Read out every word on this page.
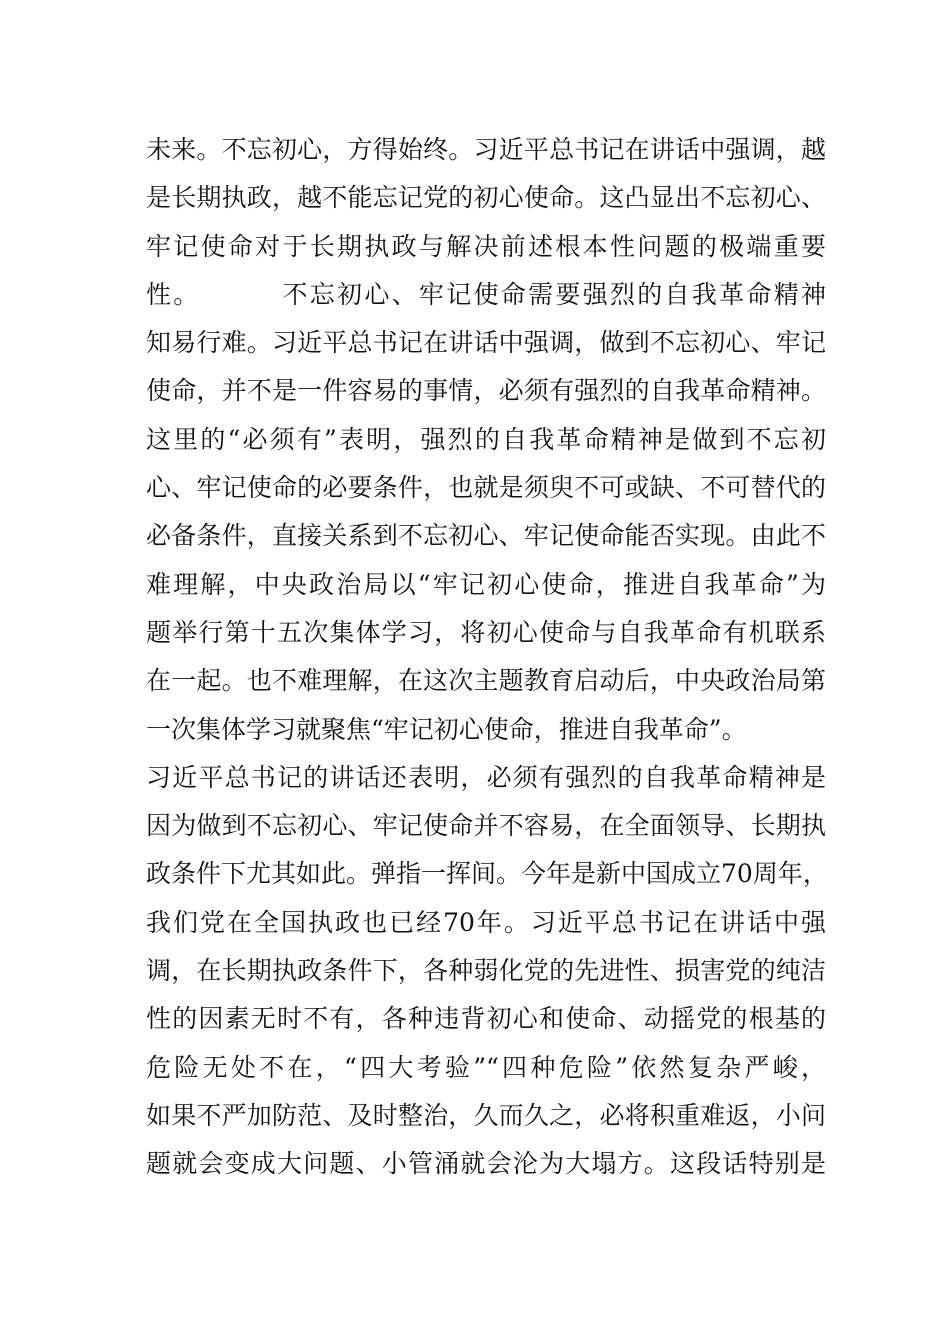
未来。不忘初心，方得始终。习近平总书记在讲话中强调，越
是长期执政，越不能忘记党的初心使命。这凸显出不忘初心、
牢记使命对于长期执政与解决前述根本性问题的极端重要
性。        不忘初心、牢记使命需要强烈的自我革命精神
知易行难。习近平总书记在讲话中强调，做到不忘初心、牢记
使命，并不是一件容易的事情，必须有强烈的自我革命精神。
这里的“必须有”表明，强烈的自我革命精神是做到不忘初
心、牢记使命的必要条件，也就是须臾不可或缺、不可替代的
必备条件，直接关系到不忘初心、牢记使命能否实现。由此不
难理解，中央政治局以“牢记初心使命，推进自我革命”为
题举行第十五次集体学习，将初心使命与自我革命有机联系
在一起。也不难理解，在这次主题教育启动后，中央政治局第
一次集体学习就聚焦“牢记初心使命，推进自我革命”。
习近平总书记的讲话还表明，必须有强烈的自我革命精神是
因为做到不忘初心、牢记使命并不容易，在全面领导、长期执
政条件下尤其如此。弹指一挥间。今年是新中国成立70周年，
我们党在全国执政也已经70年。习近平总书记在讲话中强
调，在长期执政条件下，各种弱化党的先进性、损害党的纯洁
性的因素无时不有，各种违背初心和使命、动摇党的根基的
危险无处不在，“四大考验”“四种危险”依然复杂严峻，
如果不严加防范、及时整治，久而久之，必将积重难返，小问
题就会变成大问题、小管涌就会沦为大塌方。这段话特别是
